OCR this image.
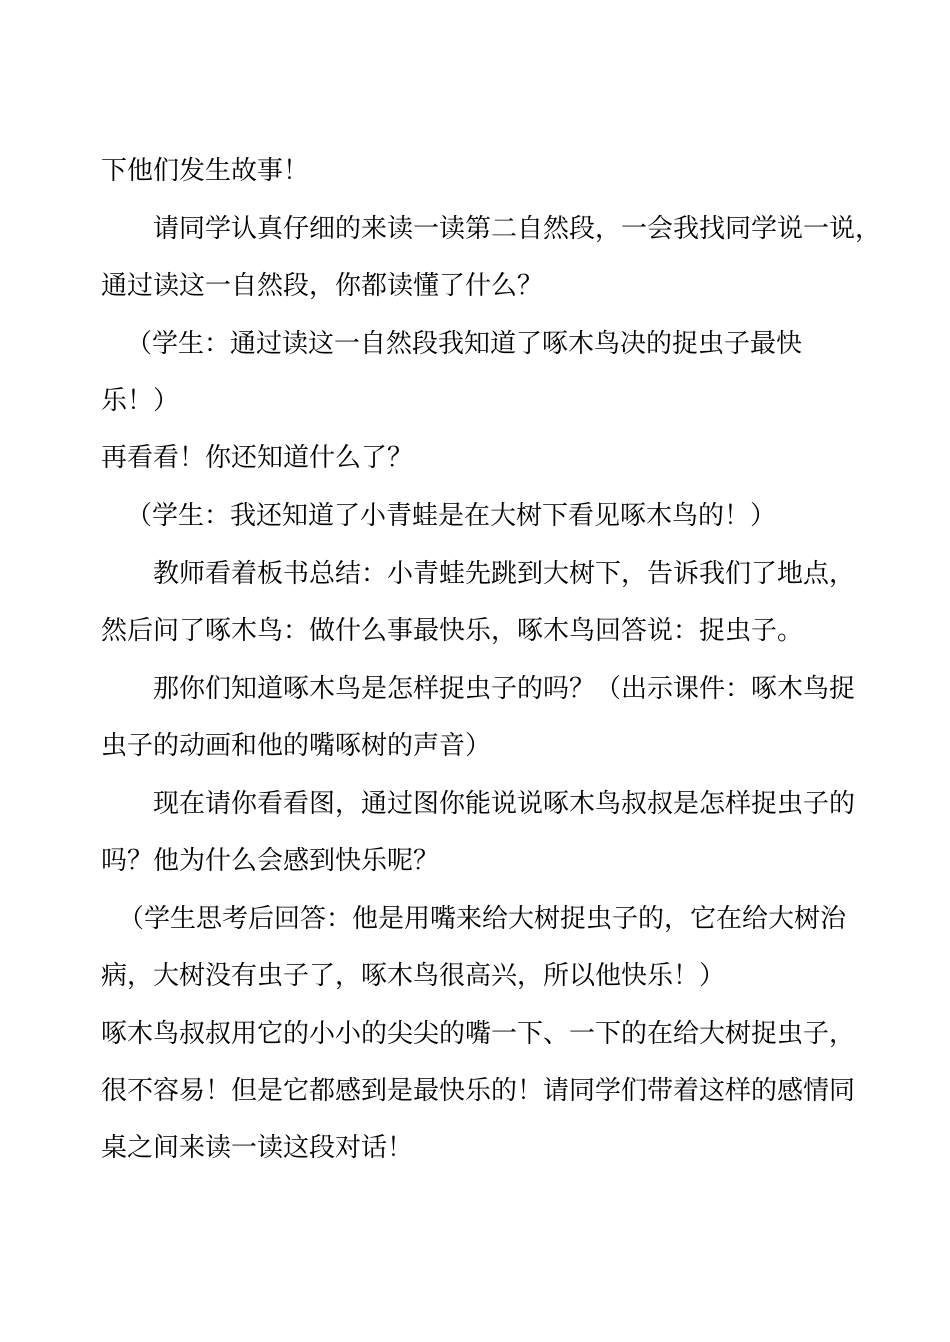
下他们发生故事！

请同学认真仔细的来读一读第二自然段，一会我找同学说一说，

通过读这一自然段，你都读懂了什么？

（学生：通过读这一自然段我知道了啄木鸟决的捉虫子最快

乐！）

再看看！你还知道什么了？

（学生：我还知道了小青蛙是在大树下看见啄木鸟的！）

教师看着板书总结：小青蛙先跳到大树下，告诉我们了地点，

然后问了啄木鸟：做什么事最快乐，啄木鸟回答说：捉虫子。

那你们知道啄木鸟是怎样捉虫子的吗？（出示课件：啄木鸟捉

虫子的动画和他的嘴啄树的声音）

现在请你看看图，通过图你能说说啄木鸟叔叔是怎样捉虫子的

吗？他为什么会感到快乐呢？

（学生思考后回答：他是用嘴来给大树捉虫子的，它在给大树治

病，大树没有虫子了，啄木鸟很高兴，所以他快乐！）

啄木鸟叔叔用它的小小的尖尖的嘴一下、一下的在给大树捉虫子，

很不容易！但是它都感到是最快乐的！请同学们带着这样的感情同

桌之间来读一读这段对话！
